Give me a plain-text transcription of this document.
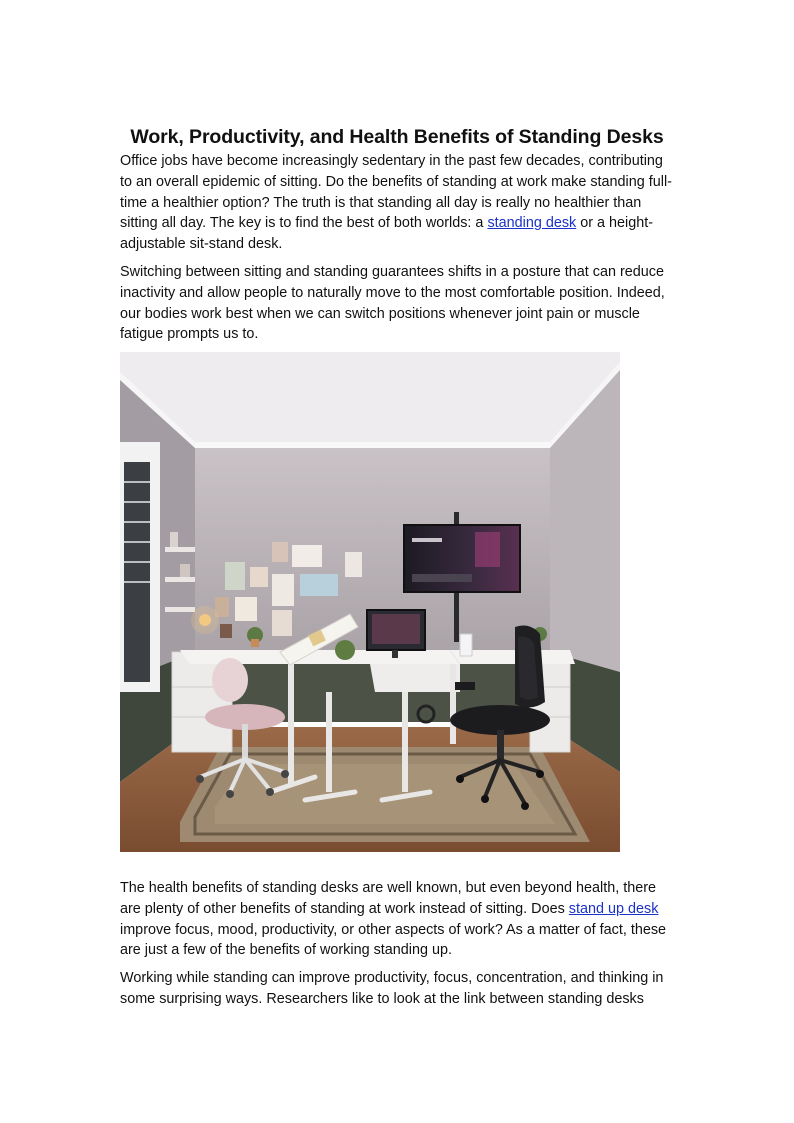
Work, Productivity, and Health Benefits of Standing Desks

Office jobs have become increasingly sedentary in the past few decades, contributing to an overall epidemic of sitting. Do the benefits of standing at work make standing full-time a healthier option? The truth is that standing all day is really no healthier than sitting all day. The key is to find the best of both worlds: a standing desk or a height-adjustable sit-stand desk.

Switching between sitting and standing guarantees shifts in a posture that can reduce inactivity and allow people to naturally move to the most comfortable position. Indeed, our bodies work best when we can switch positions whenever joint pain or muscle fatigue prompts us to.

The health benefits of standing desks are well known, but even beyond health, there are plenty of other benefits of standing at work instead of sitting. Does stand up desk improve focus, mood, productivity, or other aspects of work? As a matter of fact, these are just a few of the benefits of working standing up.

Working while standing can improve productivity, focus, concentration, and thinking in some surprising ways. Researchers like to look at the link between standing desks
